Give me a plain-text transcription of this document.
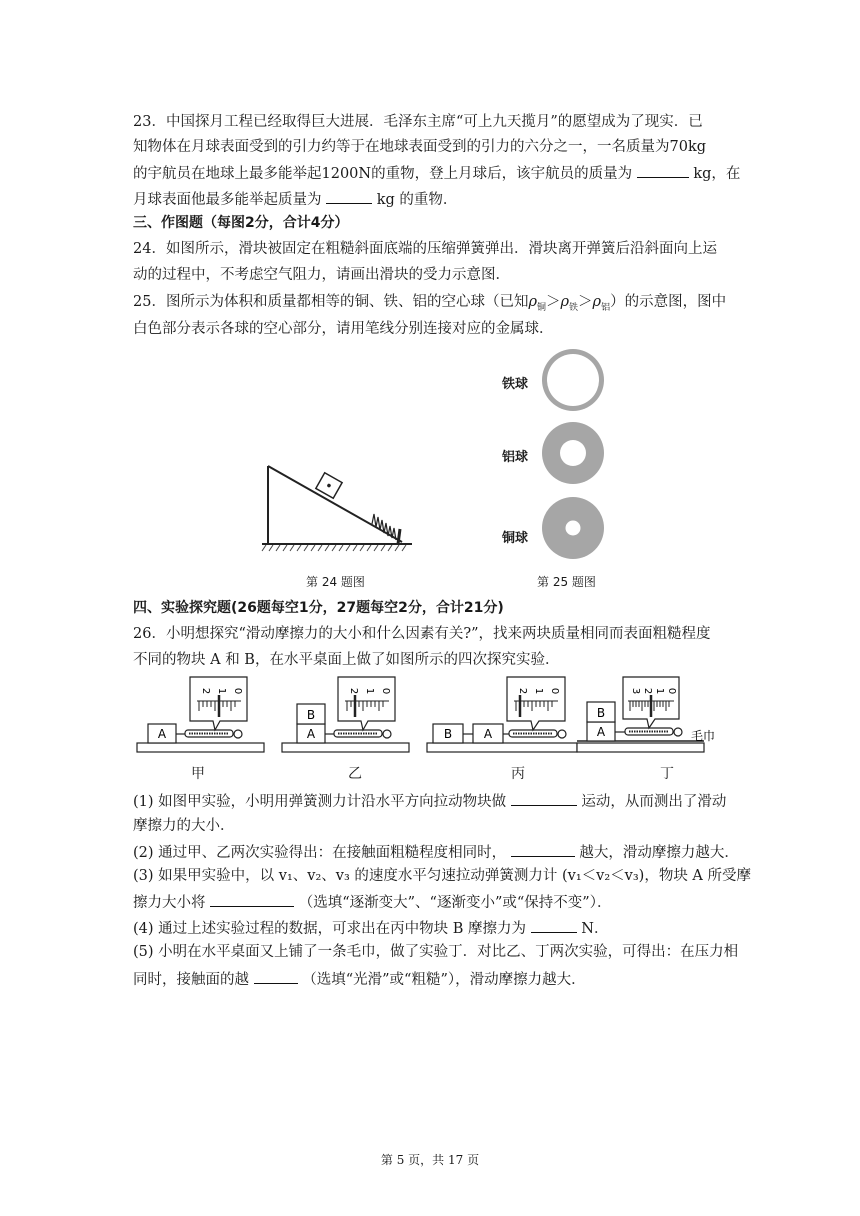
23．中国探月工程已经取得巨大进展．毛泽东主席“可上九天揽月”的愿望成为了现实．已
知物体在月球表面受到的引力约等于在地球表面受到的引力的六分之一，一名质量为70kg
的宇航员在地球上最多能举起1200N的重物，登上月球后，该宇航员的质量为	kg，在
月球表面他最多能举起质量为	kg 的重物．
三、作图题（每图2分，合计4分）
24．如图所示，滑块被固定在粗糙斜面底端的压缩弹簧弹出．滑块离开弹簧后沿斜面向上运
动的过程中，不考虑空气阻力，请画出滑块的受力示意图．
25．图所示为体积和质量都相等的铜、铁、铝的空心球（已知$\rho_铜>\rho_铁>\rho_铝$）的示意图，图中
白色部分表示各球的空心部分，请用笔线分别连接对应的金属球．
第 24 题图
铁球
铝球
铜球
第 25 题图
四、实验探究题(26题每空1分，27题每空2分，合计21分)
26．小明想探究“滑动摩擦力的大小和什么因素有关?”，找来两块质量相同而表面粗糙程度
不同的物块 A 和 B，在水平桌面上做了如图所示的四次探究实验．
A
2 1 0
A
B
2 1 0
B	A
2 1 0
A
B
毛巾
3 2 1 0
甲	乙	丙	丁
(1) 如图甲实验，小明用弹簧测力计沿水平方向拉动物块做	运动，从而测出了滑动
摩擦力的大小．
(2) 通过甲、乙两次实验得出：在接触面粗糙程度相同时，	越大，滑动摩擦力越大．
(3) 如果甲实验中，以 v₁、v₂、v₃ 的速度水平匀速拉动弹簧测力计 (v₁＜v₂＜v₃)，物块 A 所受摩
擦力大小将	（选填“逐渐变大”、“逐渐变小”或“保持不变”）．
(4) 通过上述实验过程的数据，可求出在丙中物块 B 摩擦力为	N．
(5) 小明在水平桌面又上铺了一条毛巾，做了实验丁．对比乙、丁两次实验，可得出：在压力相
同时，接触面的越	（选填“光滑”或“粗糙”），滑动摩擦力越大．
第 5 页，共 17 页
